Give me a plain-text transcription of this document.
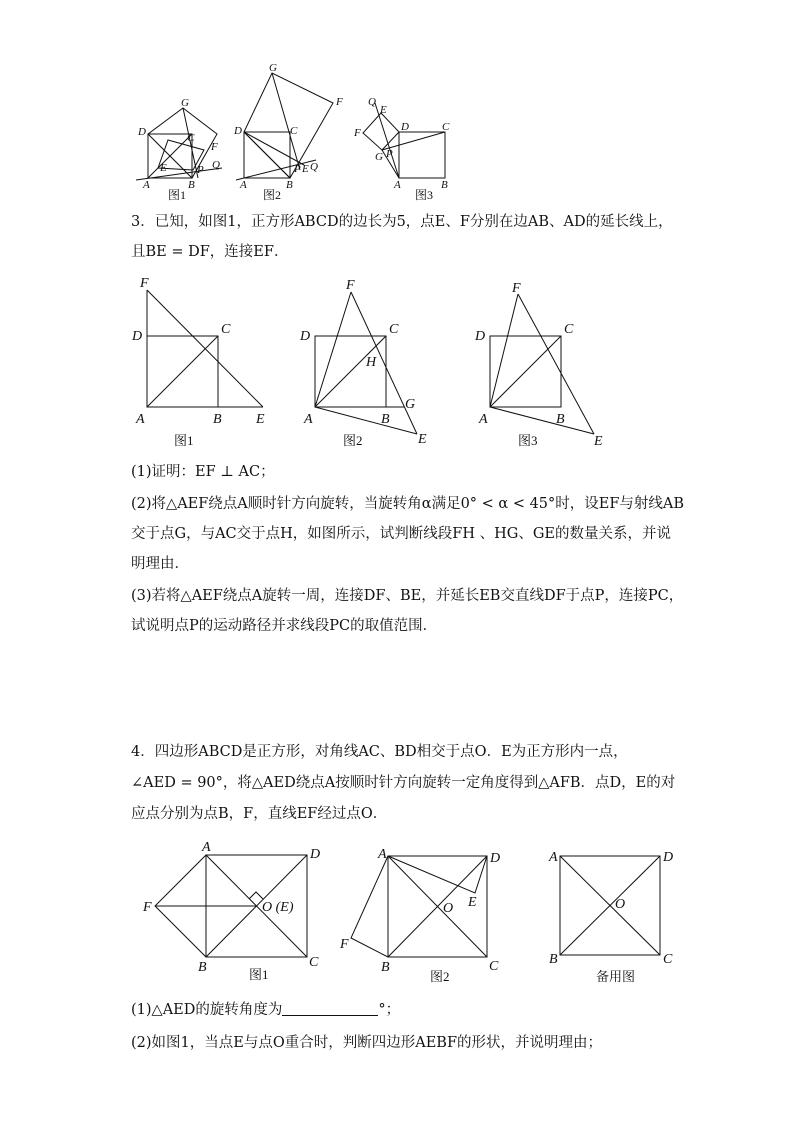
D
G
C
F
E	P Q
A	B
图1
G
F
D	C
P E Q
A	B
图2
Q
E
F	D	C
G P
A	B
图3
F
D	C
A	B E
图1
F
D	C
H
G
A	B
E
图2
F
D	C
A	B
E
图3
A	D
F	O (E)
B	C
图1
A	D
E
O
F
B	C
图2
A	D
O
B	C
备用图
3．已知，如图1，正方形ABCD的边长为5，点E、F分别在边AB、AD的延长线上，
且BE = DF，连接EF．
(1)证明：EF ⊥ AC；
(2)将△AEF绕点A顺时针方向旋转，当旋转角α满足0° < α < 45°时，设EF与射线AB
交于点G，与AC交于点H，如图所示，试判断线段FH 、HG、GE的数量关系，并说
明理由．
(3)若将△AEF绕点A旋转一周，连接DF、BE，并延长EB交直线DF于点P，连接PC，
试说明点P的运动路径并求线段PC的取值范围．
4．四边形ABCD是正方形，对角线AC、BD相交于点O．E为正方形内一点，
∠AED = 90°，将△AED绕点A按顺时针方向旋转一定角度得到△AFB．点D，E的对
应点分别为点B，F，直线EF经过点O．
(1)△AED的旋转角度为	°；
(2)如图1，当点E与点O重合时，判断四边形AEBF的形状，并说明理由；
